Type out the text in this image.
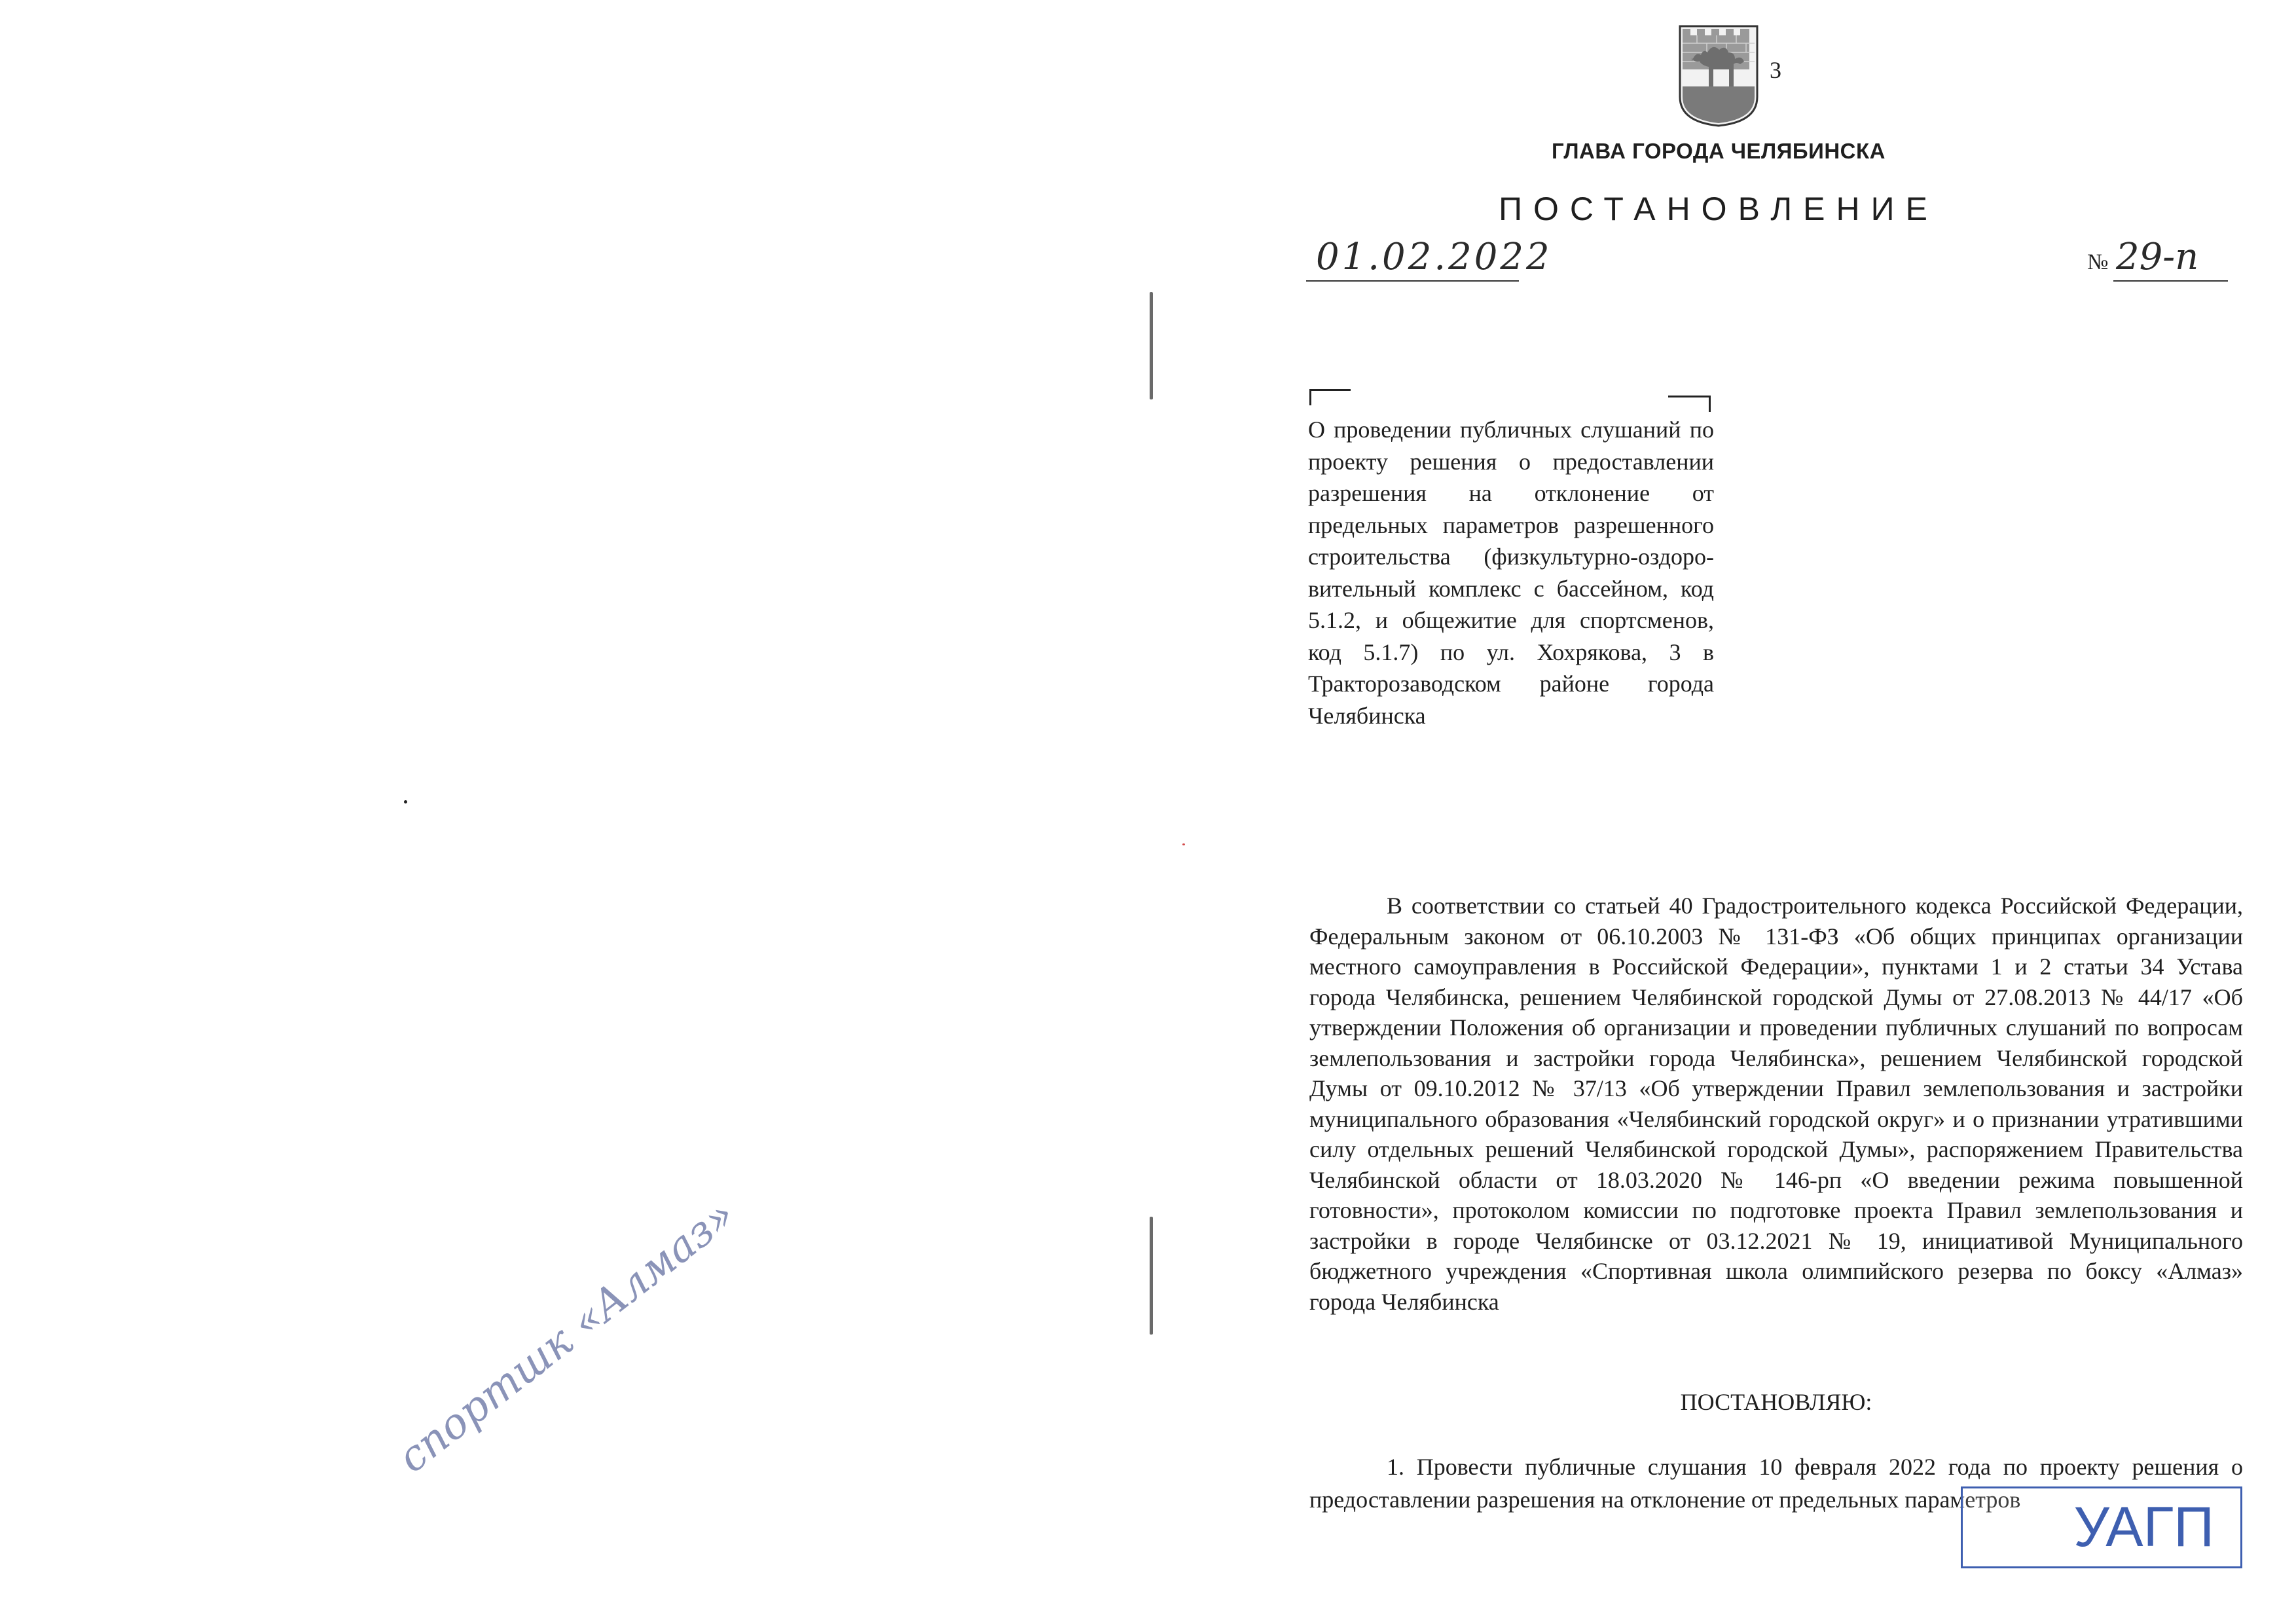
3
ГЛАВА ГОРОДА ЧЕЛЯБИНСКА
ПОСТАНОВЛЕНИЕ
01.02.2022	№ 29-п
О проведении публичных слушаний по проекту решения о предоставлении разрешения на отклонение от предельных параметров разрешенного строительства (физкультурно-оздоро-вительный комплекс с бассейном, код 5.1.2, и общежитие для спортсменов, код 5.1.7) по ул. Хохрякова, 3 в Тракторозаводском районе города Челябинска
В соответствии со статьей 40 Градостроительного кодекса Российской Федерации, Федеральным законом от 06.10.2003 № 131-ФЗ «Об общих принципах организации местного самоуправления в Российской Федерации», пунктами 1 и 2 статьи 34 Устава города Челябинска, решением Челябинской городской Думы от 27.08.2013 № 44/17 «Об утверждении Положения об организации и проведении публичных слушаний по вопросам землепользования и застройки города Челябинска», решением Челябинской городской Думы от 09.10.2012 № 37/13 «Об утверждении Правил землепользования и застройки муниципального образования «Челябинский городской округ» и о признании утратившими силу отдельных решений Челябинской городской Думы», распоряжением Правительства Челябинской области от 18.03.2020 № 146-рп «О введении режима повышенной готовности», протоколом комиссии по подготовке проекта Правил землепользования и застройки в городе Челябинске от 03.12.2021 № 19, инициативой Муниципального бюджетного учреждения «Спортивная школа олимпийского резерва по боксу «Алмаз» города Челябинска
ПОСТАНОВЛЯЮ:
1. Провести публичные слушания 10 февраля 2022 года по проекту решения о предоставлении разрешения на отклонение от предельных параметров УАГП
спортшк «Алмаз»
